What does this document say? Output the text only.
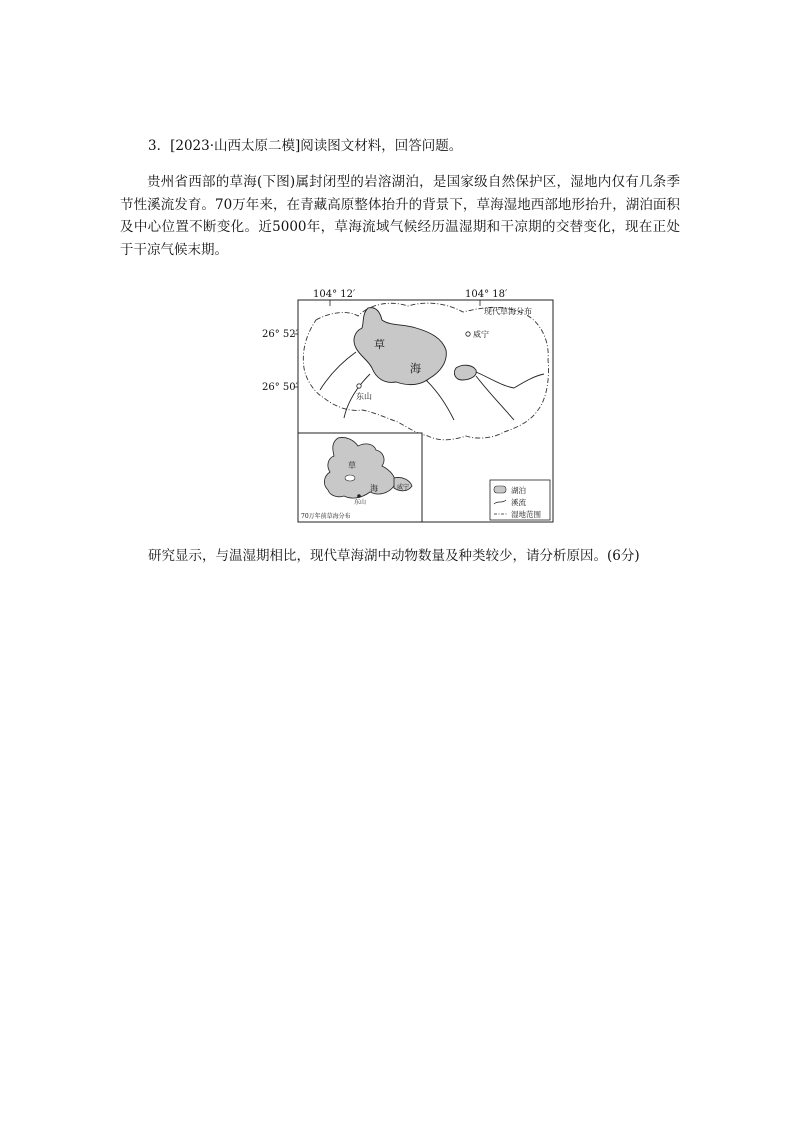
3．[2023·山西太原二模]阅读图文材料，回答问题。
贵州省西部的草海(下图)属封闭型的岩溶湖泊，是国家级自然保护区，湿地内仅有几条季节性溪流发育。70万年来，在青藏高原整体抬升的背景下，草海湿地西部地形抬升，湖泊面积及中心位置不断变化。近5000年，草海流域气候经历温湿期和干凉期的交替变化，现在正处于干凉气候末期。
104° 12′	104° 18′
26° 52′
26° 50′
现代草海分布
草
海
威宁
东山
草
海
东山
威宁
70万年前草海分布
湖泊
溪流
湿地范围
研究显示，与温湿期相比，现代草海湖中动物数量及种类较少，请分析原因。(6分)
